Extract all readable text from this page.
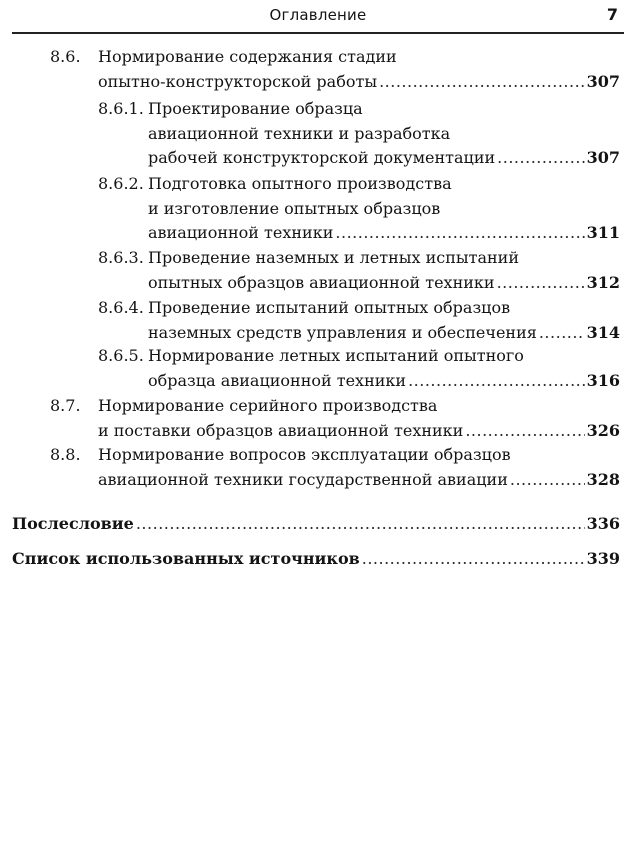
Оглавление	7
8.6. Нормирование содержания стадии
опытно-конструкторской работы .....	307
8.6.1. Проектирование образца
авиационной техники и разработка
рабочей конструкторской документации .....	307
8.6.2. Подготовка опытного производства
и изготовление опытных образцов
авиационной техники .....	311
8.6.3. Проведение наземных и летных испытаний
опытных образцов авиационной техники .....	312
8.6.4. Проведение испытаний опытных образцов
наземных средств управления и обеспечения .....	314
8.6.5. Нормирование летных испытаний опытного
образца авиационной техники .....	316
8.7. Нормирование серийного производства
и поставки образцов авиационной техники .....	326
8.8. Нормирование вопросов эксплуатации образцов
авиационной техники государственной авиации .....	328
Послесловие .....	336
Список использованных источников .....	339
